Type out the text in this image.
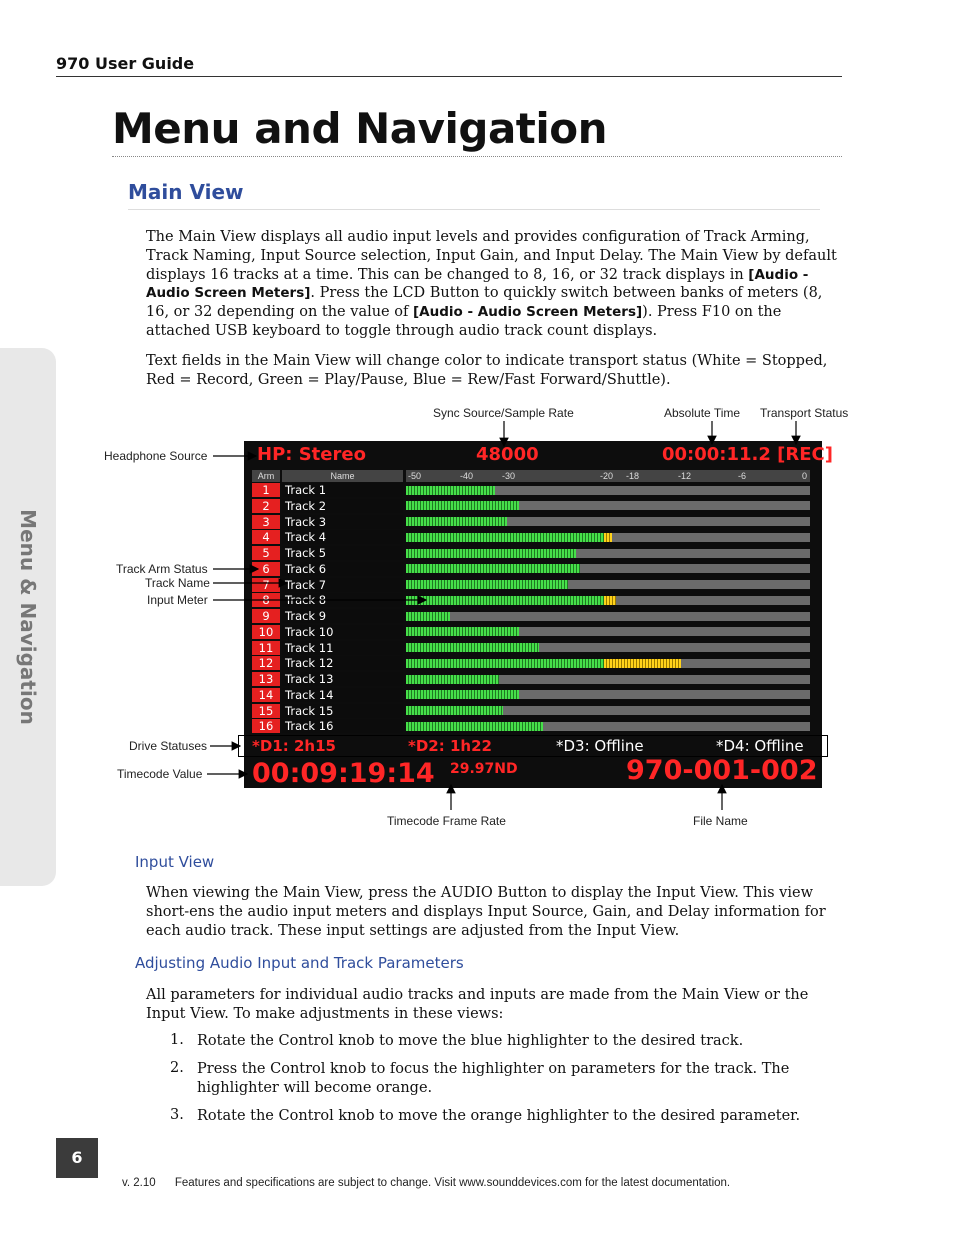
970 User Guide
Menu and Navigation
Main View
Menu & Navigation

The Main View displays all audio input levels and provides configuration of Track Arming, Track Naming, Input Source selection, Input Gain, and Input Delay. The Main View by default displays 16 tracks at a time. This can be changed to 8, 16, or 32 track displays in [Audio - Audio Screen Meters]. Press the LCD Button to quickly switch between banks of meters (8, 16, or 32 depending on the value of [Audio - Audio Screen Meters]). Press F10 on the attached USB keyboard to toggle through audio track count displays.

Text fields in the Main View will change color to indicate transport status (White = Stopped, Red = Record, Green = Play/Pause, Blue = Rew/Fast Forward/Shuttle).

Sync Source/Sample Rate	Absolute Time Transport Status
Headphone Source
Track Arm Status
Track Name
Input Meter
Drive Statuses
Timecode Value
Timecode Frame Rate	File Name
HP: Stereo	48000	00:00:11.2 [REC]
Arm	Name	-50	-40	-30	-20 -18	-12	-6	0
1	Track 1
2	Track 2
3	Track 3
4	Track 4
5	Track 5
6	Track 6
7	Track 7
8	Track 8
9	Track 9
10	Track 10
11	Track 11
12	Track 12
13	Track 13
14	Track 14
15	Track 15
16	Track 16
*D1: 2h15	*D2: 1h22	*D3: Offline	*D4: Offline
00:09:19:14 29.97ND	970-001-002
Input View

When viewing the Main View, press the AUDIO Button to display the Input View. This view short-ens the audio input meters and displays Input Source, Gain, and Delay information for each audio track. These input settings are adjusted from the Input View.

Adjusting Audio Input and Track Parameters

All parameters for individual audio tracks and inputs are made from the Main View or the Input View. To make adjustments in these views:

1. Rotate the Control knob to move the blue highlighter to the desired track.
2. Press the Control knob to focus the highlighter on parameters for the track. The highlighter will become orange.
3. Rotate the Control knob to move the orange highlighter to the desired parameter.
6
v. 2.10 Features and specifications are subject to change. Visit www.sounddevices.com for the latest documentation.
